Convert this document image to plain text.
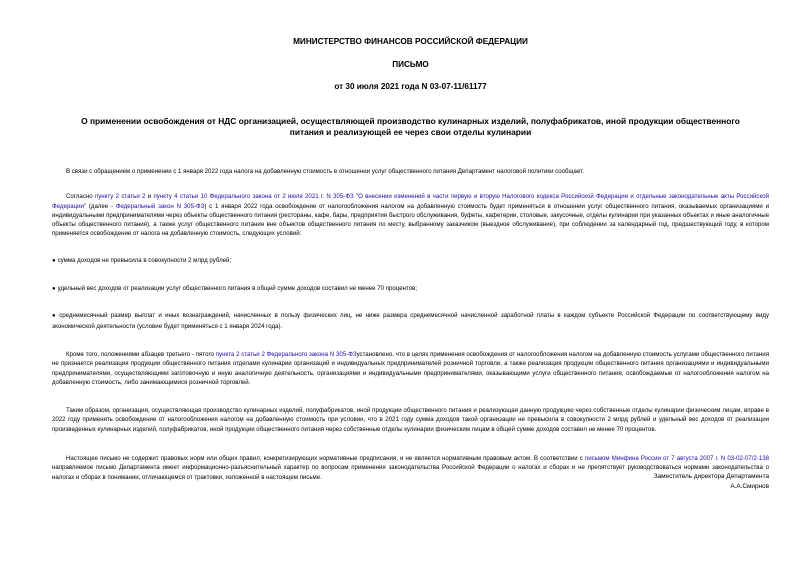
МИНИСТЕРСТВО ФИНАНСОВ РОССИЙСКОЙ ФЕДЕРАЦИИ

ПИСЬМО

от 30 июля 2021 года N 03-07-11/61177

О применении освобождения от НДС организацией, осуществляющей производство кулинарных изделий, полуфабрикатов, иной продукции общественного питания и реализующей ее через свои отделы кулинарии

В связи с обращением о применении с 1 января 2022 года налога на добавленную стоимость в отношении услуг общественного питания Департамент налоговой политики сообщает.

Согласно пункту 2 статьи 2 и пункту 4 статьи 10 Федерального закона от 2 июля 2021 г. N 305-ФЗ "О внесении изменений в части первую и вторую Налогового кодекса Российской Федерации и отдельные законодательные акты Российской Федерации" (далее - Федеральный закон N 305-ФЗ) с 1 января 2022 года освобождение от налогообложения налогом на добавленную стоимость будет применяться в отношении услуг общественного питания, оказываемых организациями и индивидуальными предпринимателями через объекты общественного питания (рестораны, кафе, бары, предприятия быстрого обслуживания, буфеты, кафетерии, столовые, закусочные, отделы кулинарии при указанных объектах и иные аналогичные объекты общественного питания), а также услуг общественного питания вне объектов общественного питания по месту, выбранному заказчиком (выездное обслуживание), при соблюдении за календарный год, предшествующий году, в котором применяется освобождение от налога на добавленную стоимость, следующих условий:

● сумма доходов не превысила в совокупности 2 млрд рублей;

● удельный вес доходов от реализации услуг общественного питания в общей сумме доходов составил не менее 70 процентов;

● среднемесячный размер выплат и иных вознаграждений, начисленных в пользу физических лиц, не ниже размера среднемесячной начисленной заработной платы в каждом субъекте Российской Федерации по соответствующему виду экономической деятельности (условие будет применяться с 1 января 2024 года).

Кроме того, положениями абзацев третьего - пятого пункта 2 статьи 2 Федерального закона N 305-ФЗустановлено, что в целях применения освобождения от налогообложения налогом на добавленную стоимость услугами общественного питания не признается реализация продукции общественного питания отделами кулинарии организаций и индивидуальных предпринимателей розничной торговли, а также реализация продукции общественного питания организациями и индивидуальными предпринимателями, осуществляющими заготовочную и иную аналогичную деятельность, организациями и индивидуальными предпринимателями, оказывающими услуги общественного питания, освобождаемые от налогообложения налогом на добавленную стоимость, либо занимающимися розничной торговлей.

Таким образом, организация, осуществляющая производство кулинарных изделий, полуфабрикатов, иной продукции общественного питания и реализующая данную продукцию через собственные отделы кулинарии физическим лицам, вправе в 2022 году применять освобождение от налогообложения налогом на добавленную стоимость при условии, что в 2021 году сумма доходов такой организации не превысила в совокупности 2 млрд рублей и удельный вес доходов от реализации произведенных кулинарных изделий, полуфабрикатов, иной продукции общественного питания через собственные отделы кулинарии физическим лицам в общей сумме доходов составил не менее 70 процентов.

Настоящее письмо не содержит правовых норм или общих правил, конкретизирующих нормативные предписания, и не является нормативным правовым актом. В соответствии с письмом Минфина России от 7 августа 2007 г. N 03-02-07/2-138 направляемое письмо Департамента имеет информационно-разъяснительный характер по вопросам применения законодательства Российской Федерации о налогах и сборах и не препятствует руководствоваться нормами законодательства о налогах и сборах в понимании, отличающемся от трактовки, изложенной в настоящем письме.	Заместитель директора Департамента
А.А.Смирнов
